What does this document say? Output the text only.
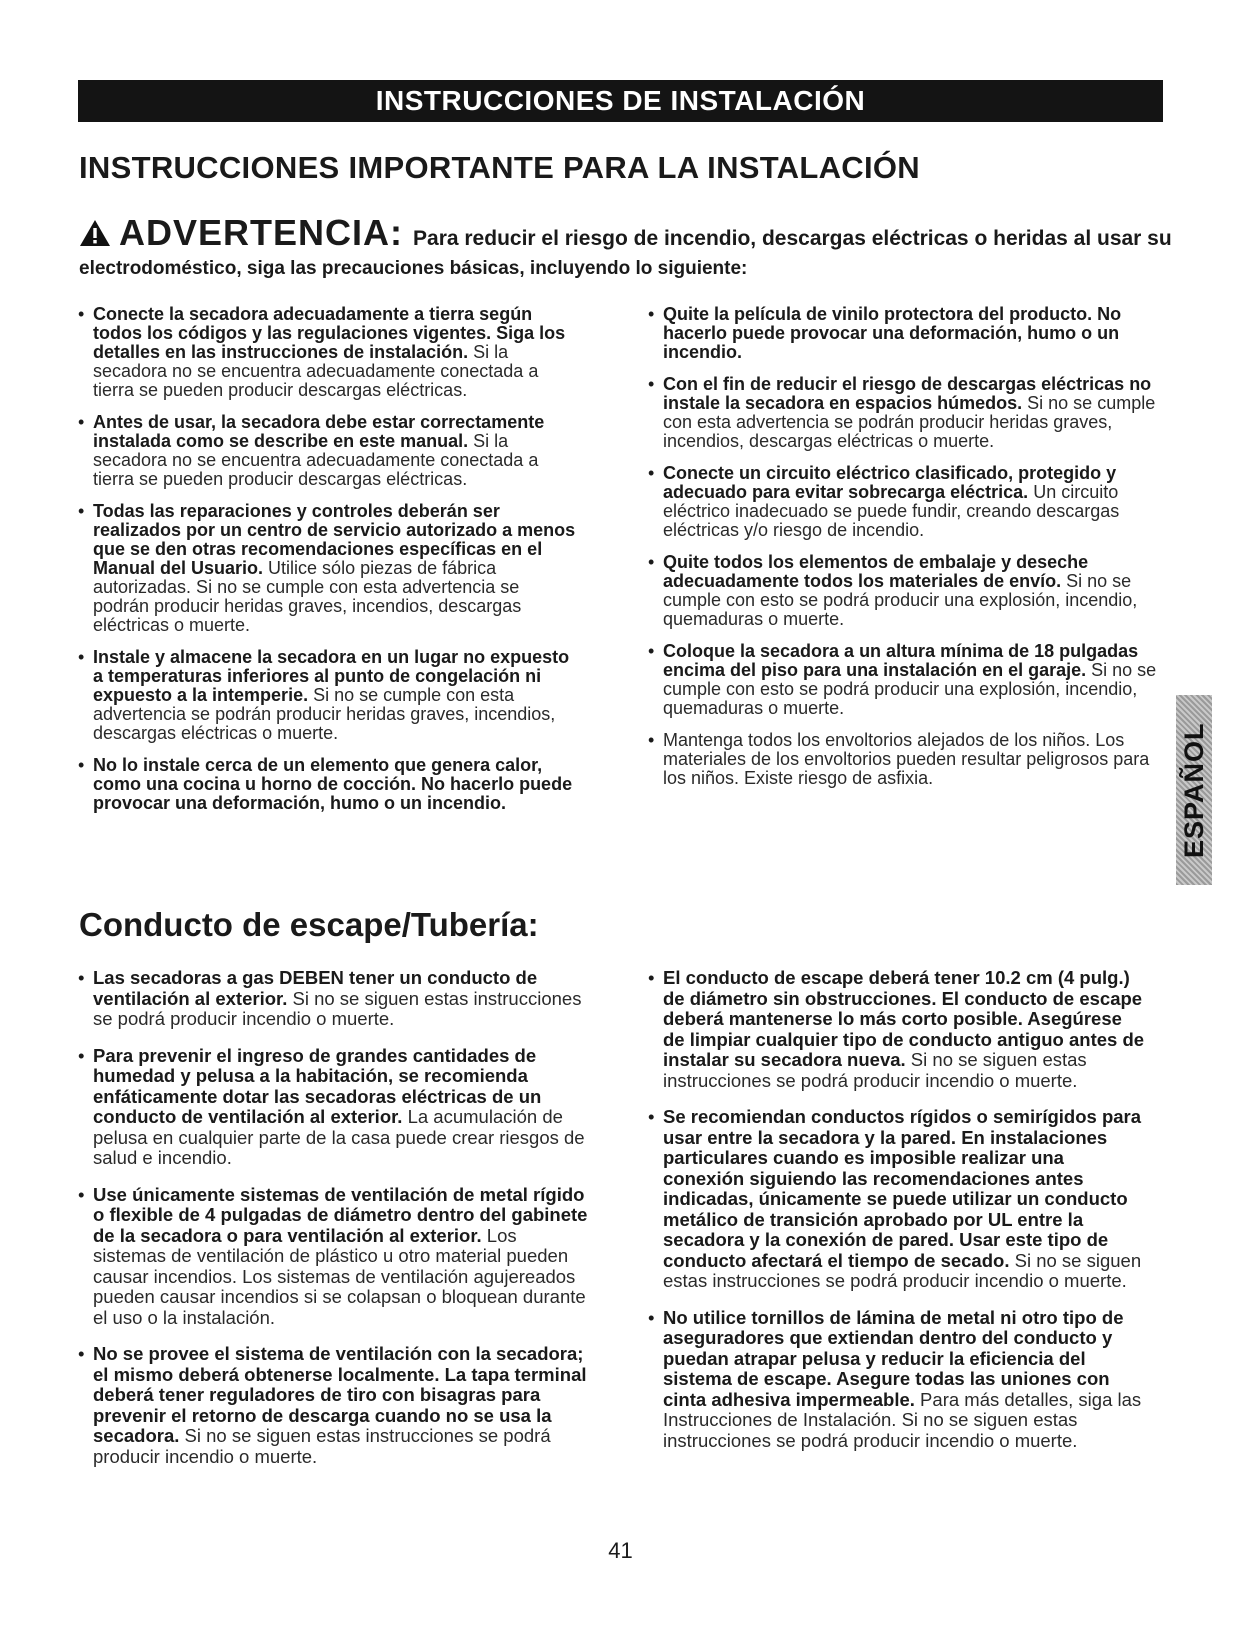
INSTRUCCIONES DE INSTALACIÓN
INSTRUCCIONES IMPORTANTE PARA LA INSTALACIÓN
ADVERTENCIA: Para reducir el riesgo de incendio, descargas eléctricas o heridas al usar su
electrodoméstico, siga las precauciones básicas, incluyendo lo siguiente:
• Conecte la secadora adecuadamente a tierra según todos los códigos y las regulaciones vigentes. Siga los detalles en las instrucciones de instalación. Si la secadora no se encuentra adecuadamente conectada a tierra se pueden producir descargas eléctricas.
• Antes de usar, la secadora debe estar correctamente instalada como se describe en este manual. Si la secadora no se encuentra adecuadamente conectada a tierra se pueden producir descargas eléctricas.
• Todas las reparaciones y controles deberán ser realizados por un centro de servicio autorizado a menos que se den otras recomendaciones específicas en el Manual del Usuario. Utilice sólo piezas de fábrica autorizadas. Si no se cumple con esta advertencia se podrán producir heridas graves, incendios, descargas eléctricas o muerte.
• Instale y almacene la secadora en un lugar no expuesto a temperaturas inferiores al punto de congelación ni expuesto a la intemperie. Si no se cumple con esta advertencia se podrán producir heridas graves, incendios, descargas eléctricas o muerte.
• No lo instale cerca de un elemento que genera calor, como una cocina u horno de cocción. No hacerlo puede provocar una deformación, humo o un incendio.
• Quite la película de vinilo protectora del producto. No hacerlo puede provocar una deformación, humo o un incendio.
• Con el fin de reducir el riesgo de descargas eléctricas no instale la secadora en espacios húmedos. Si no se cumple con esta advertencia se podrán producir heridas graves, incendios, descargas eléctricas o muerte.
• Conecte un circuito eléctrico clasificado, protegido y adecuado para evitar sobrecarga eléctrica. Un circuito eléctrico inadecuado se puede fundir, creando descargas eléctricas y/o riesgo de incendio.
• Quite todos los elementos de embalaje y deseche adecuadamente todos los materiales de envío. Si no se cumple con esto se podrá producir una explosión, incendio, quemaduras o muerte.
• Coloque la secadora a un altura mínima de 18 pulgadas encima del piso para una instalación en el garaje. Si no se cumple con esto se podrá producir una explosión, incendio, quemaduras o muerte.
• Mantenga todos los envoltorios alejados de los niños. Los materiales de los envoltorios pueden resultar peligrosos para los niños. Existe riesgo de asfixia.	ESPAÑOL
Conducto de escape/Tubería:
• Las secadoras a gas DEBEN tener un conducto de ventilación al exterior. Si no se siguen estas instrucciones se podrá producir incendio o muerte.
• Para prevenir el ingreso de grandes cantidades de humedad y pelusa a la habitación, se recomienda enfáticamente dotar las secadoras eléctricas de un conducto de ventilación al exterior. La acumulación de pelusa en cualquier parte de la casa puede crear riesgos de salud e incendio.
• Use únicamente sistemas de ventilación de metal rígido o flexible de 4 pulgadas de diámetro dentro del gabinete de la secadora o para ventilación al exterior. Los sistemas de ventilación de plástico u otro material pueden causar incendios. Los sistemas de ventilación agujereados pueden causar incendios si se colapsan o bloquean durante el uso o la instalación.
• No se provee el sistema de ventilación con la secadora; el mismo deberá obtenerse localmente. La tapa terminal deberá tener reguladores de tiro con bisagras para prevenir el retorno de descarga cuando no se usa la secadora. Si no se siguen estas instrucciones se podrá producir incendio o muerte.
• El conducto de escape deberá tener 10.2 cm (4 pulg.) de diámetro sin obstrucciones. El conducto de escape deberá mantenerse lo más corto posible. Asegúrese de limpiar cualquier tipo de conducto antiguo antes de instalar su secadora nueva. Si no se siguen estas instrucciones se podrá producir incendio o muerte.
• Se recomiendan conductos rígidos o semirígidos para usar entre la secadora y la pared. En instalaciones particulares cuando es imposible realizar una conexión siguiendo las recomendaciones antes indicadas, únicamente se puede utilizar un conducto metálico de transición aprobado por UL entre la secadora y la conexión de pared. Usar este tipo de conducto afectará el tiempo de secado. Si no se siguen estas instrucciones se podrá producir incendio o muerte.
• No utilice tornillos de lámina de metal ni otro tipo de aseguradores que extiendan dentro del conducto y puedan atrapar pelusa y reducir la eficiencia del sistema de escape. Asegure todas las uniones con cinta adhesiva impermeable. Para más detalles, siga las Instrucciones de Instalación. Si no se siguen estas instrucciones se podrá producir incendio o muerte.
41
